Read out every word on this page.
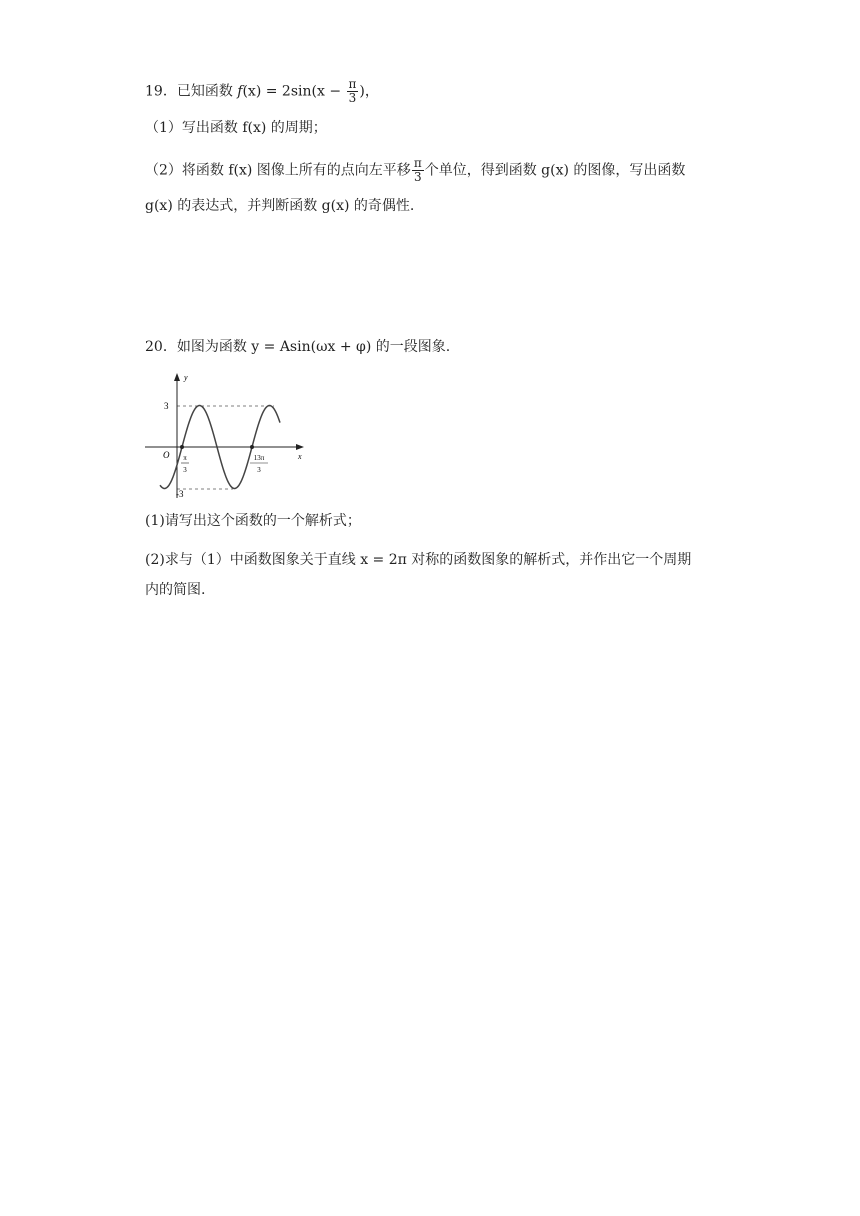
19．已知函数 $f(x) = 2\sin(x - \frac{\pi}{3}$ )，
（1）写出函数 f(x) 的周期；
（2）将函数 f(x) 图像上所有的点向左平移 $\frac{\pi}{3}$ 个单位，得到函数 g(x) 的图像，写出函数
g(x) 的表达式，并判断函数 g(x) 的奇偶性.
20．如图为函数 y = Asin(ωx + φ) 的一段图象.
y
x
O
3
-3
π
3
13π
3
(1)请写出这个函数的一个解析式；
(2)求与（1）中函数图象关于直线 x = 2π 对称的函数图象的解析式，并作出它一个周期
内的简图.
